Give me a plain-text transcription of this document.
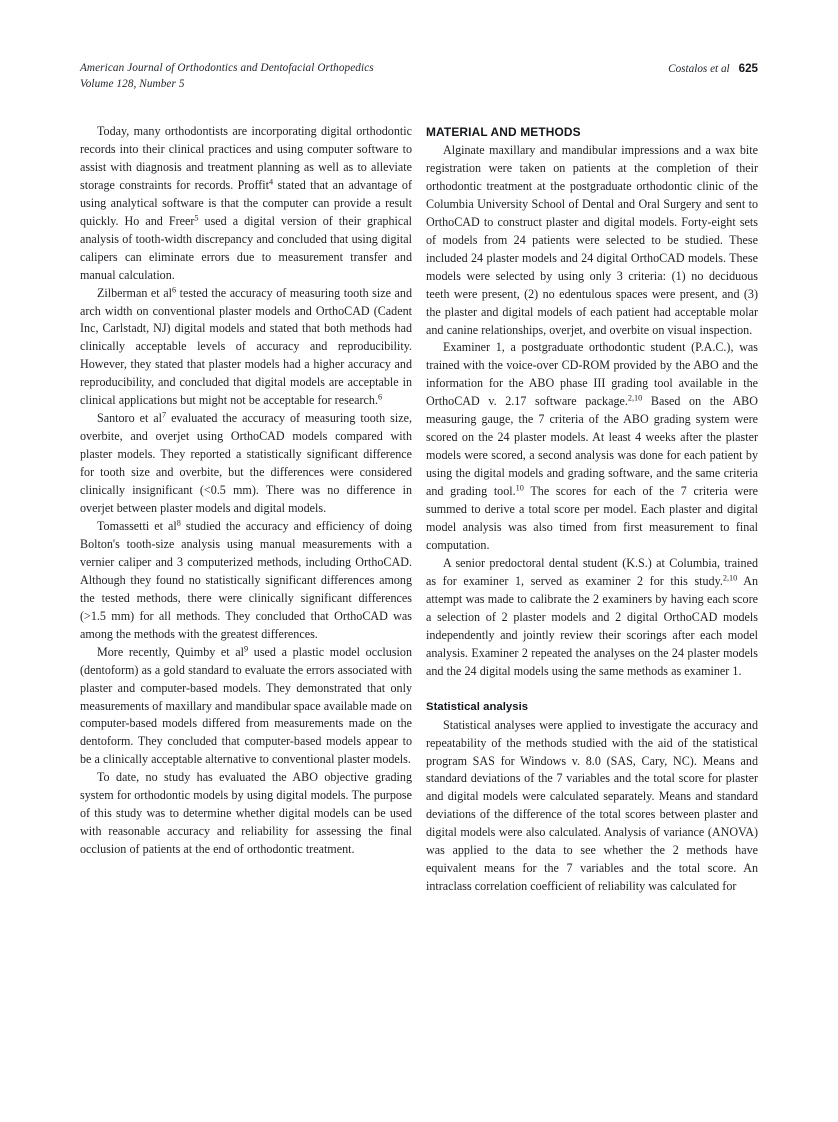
American Journal of Orthodontics and Dentofacial Orthopedics
Volume 128, Number 5
Costalos et al 625

Today, many orthodontists are incorporating digital orthodontic records into their clinical practices and using computer software to assist with diagnosis and treatment planning as well as to alleviate storage constraints for records. Proffit$^4$ stated that an advantage of using analytical software is that the computer can provide a result quickly. Ho and Freer$^5$ used a digital version of their graphical analysis of tooth-width discrepancy and concluded that using digital calipers can eliminate errors due to measurement transfer and manual calculation.

Zilberman et $al^6$ tested the accuracy of measuring tooth size and arch width on conventional plaster models and OrthoCAD (Cadent Inc, Carlstadt, NJ) digital models and stated that both methods had clinically acceptable levels of accuracy and reproducibility. However, they stated that plaster models had a higher accuracy and reproducibility, and concluded that digital models are acceptable in clinical applications but might not be acceptable for research.$^6$

Santoro et $al^7$ evaluated the accuracy of measuring tooth size, overbite, and overjet using OrthoCAD models compared with plaster models. They reported a statistically significant difference for tooth size and overbite, but the differences were considered clinically insignificant (<0.5 mm). There was no difference in overjet between plaster models and digital models.

Tomassetti et $al^8$ studied the accuracy and efficiency of doing Bolton's tooth-size analysis using manual measurements with a vernier caliper and 3 computerized methods, including OrthoCAD. Although they found no statistically significant differences among the tested methods, there were clinically significant differences (>1.5 mm) for all methods. They concluded that OrthoCAD was among the methods with the greatest differences.

More recently, Quimby et $al^9$ used a plastic model occlusion (dentoform) as a gold standard to evaluate the errors associated with plaster and computer-based models. They demonstrated that only measurements of maxillary and mandibular space available made on computer-based models differed from measurements made on the dentoform. They concluded that computer-based models appear to be a clinically acceptable alternative to conventional plaster models.

To date, no study has evaluated the ABO objective grading system for orthodontic models by using digital models. The purpose of this study was to determine whether digital models can be used with reasonable accuracy and reliability for assessing the final occlusion of patients at the end of orthodontic treatment.

MATERIAL AND METHODS

Alginate maxillary and mandibular impressions and a wax bite registration were taken on patients at the completion of their orthodontic treatment at the postgraduate orthodontic clinic of the Columbia University School of Dental and Oral Surgery and sent to OrthoCAD to construct plaster and digital models. Forty-eight sets of models from 24 patients were selected to be studied. These included 24 plaster models and 24 digital OrthoCAD models. These models were selected by using only 3 criteria: (1) no deciduous teeth were present, (2) no edentulous spaces were present, and (3) the plaster and digital models of each patient had acceptable molar and canine relationships, overjet, and overbite on visual inspection.

Examiner 1, a postgraduate orthodontic student (P.A.C.), was trained with the voice-over CD-ROM provided by the ABO and the information for the ABO phase III grading tool available in the OrthoCAD v. 2.17 software package.$^{2,10}$ Based on the ABO measuring gauge, the 7 criteria of the ABO grading system were scored on the 24 plaster models. At least 4 weeks after the plaster models were scored, a second analysis was done for each patient by using the digital models and grading software, and the same criteria and grading tool.$^{10}$ The scores for each of the 7 criteria were summed to derive a total score per model. Each plaster and digital model analysis was also timed from first measurement to final computation.

A senior predoctoral dental student (K.S.) at Columbia, trained as for examiner 1, served as examiner 2 for this study.$^{2,10}$ An attempt was made to calibrate the 2 examiners by having each score a selection of 2 plaster models and 2 digital OrthoCAD models independently and jointly review their scorings after each model analysis. Examiner 2 repeated the analyses on the 24 plaster models and the 24 digital models using the same methods as examiner 1.

Statistical analysis

Statistical analyses were applied to investigate the accuracy and repeatability of the methods studied with the aid of the statistical program SAS for Windows v. 8.0 (SAS, Cary, NC). Means and standard deviations of the 7 variables and the total score for plaster and digital models were calculated separately. Means and standard deviations of the difference of the total scores between plaster and digital models were also calculated. Analysis of variance (ANOVA) was applied to the data to see whether the 2 methods have equivalent means for the 7 variables and the total score. An intraclass correlation coefficient of reliability was calculated for
